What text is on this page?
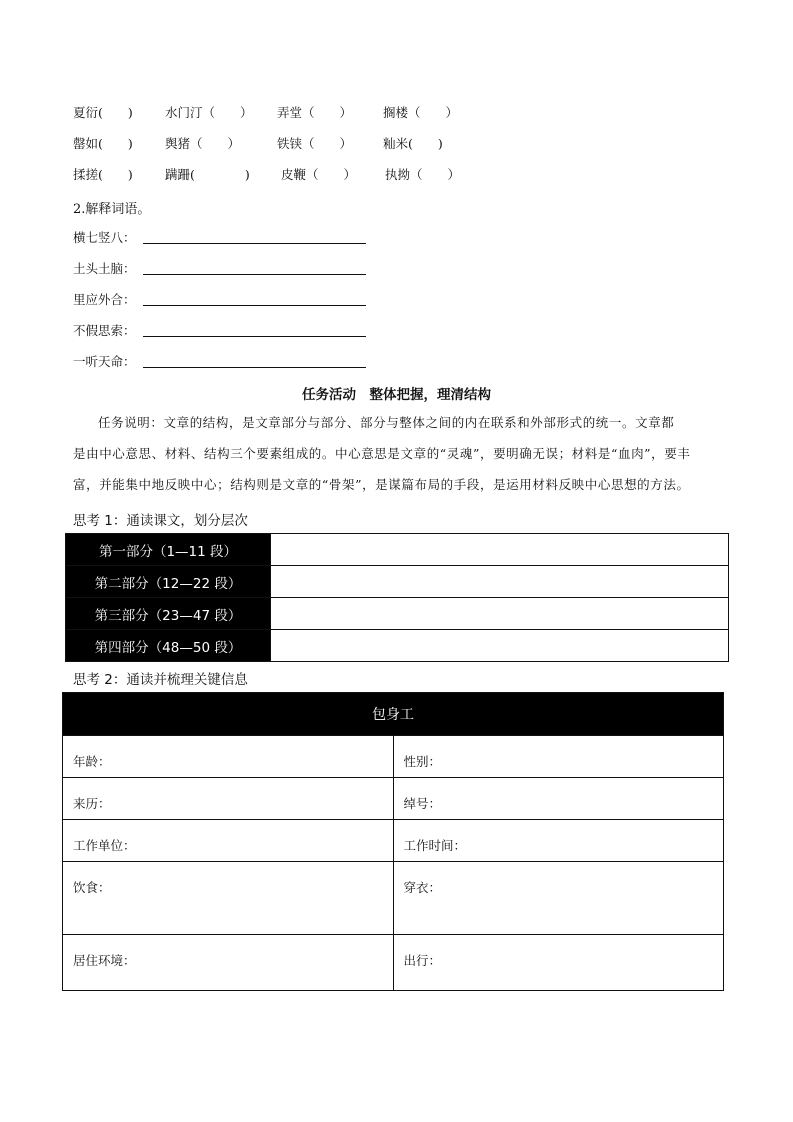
夏衍(　　)	水门汀（　　） 弄堂（　　） 搁楼（　　）
罄如(　　)	舆猪（　　）	铁铗（　　） 籼米(　　)
揉搓(　　)	蹒跚(　　　　) 皮鞭（　　） 执拗（　　）
2.解释词语。
横七竖八：
土头土脑：
里应外合：
不假思索：
一听天命：
任务活动　整体把握，理清结构
任务说明：文章的结构，是文章部分与部分、部分与整体之间的内在联系和外部形式的统一。文章都
是由中心意思、材料、结构三个要素组成的。中心意思是文章的“灵魂”，要明确无误；材料是“血肉”，要丰
富，并能集中地反映中心；结构则是文章的“骨架”，是谋篇布局的手段，是运用材料反映中心思想的方法。
思考 1：通读课文，划分层次
第一部分（1—11 段）	
第二部分（12—22 段）	
第三部分（23—47 段）	
第四部分（48—50 段）	
思考 2：通读并梳理关键信息
包身工	
年龄：	性别：
来历：	绰号：
工作单位：	工作时间：
饮食：	穿衣：
居住环境：	出行：
